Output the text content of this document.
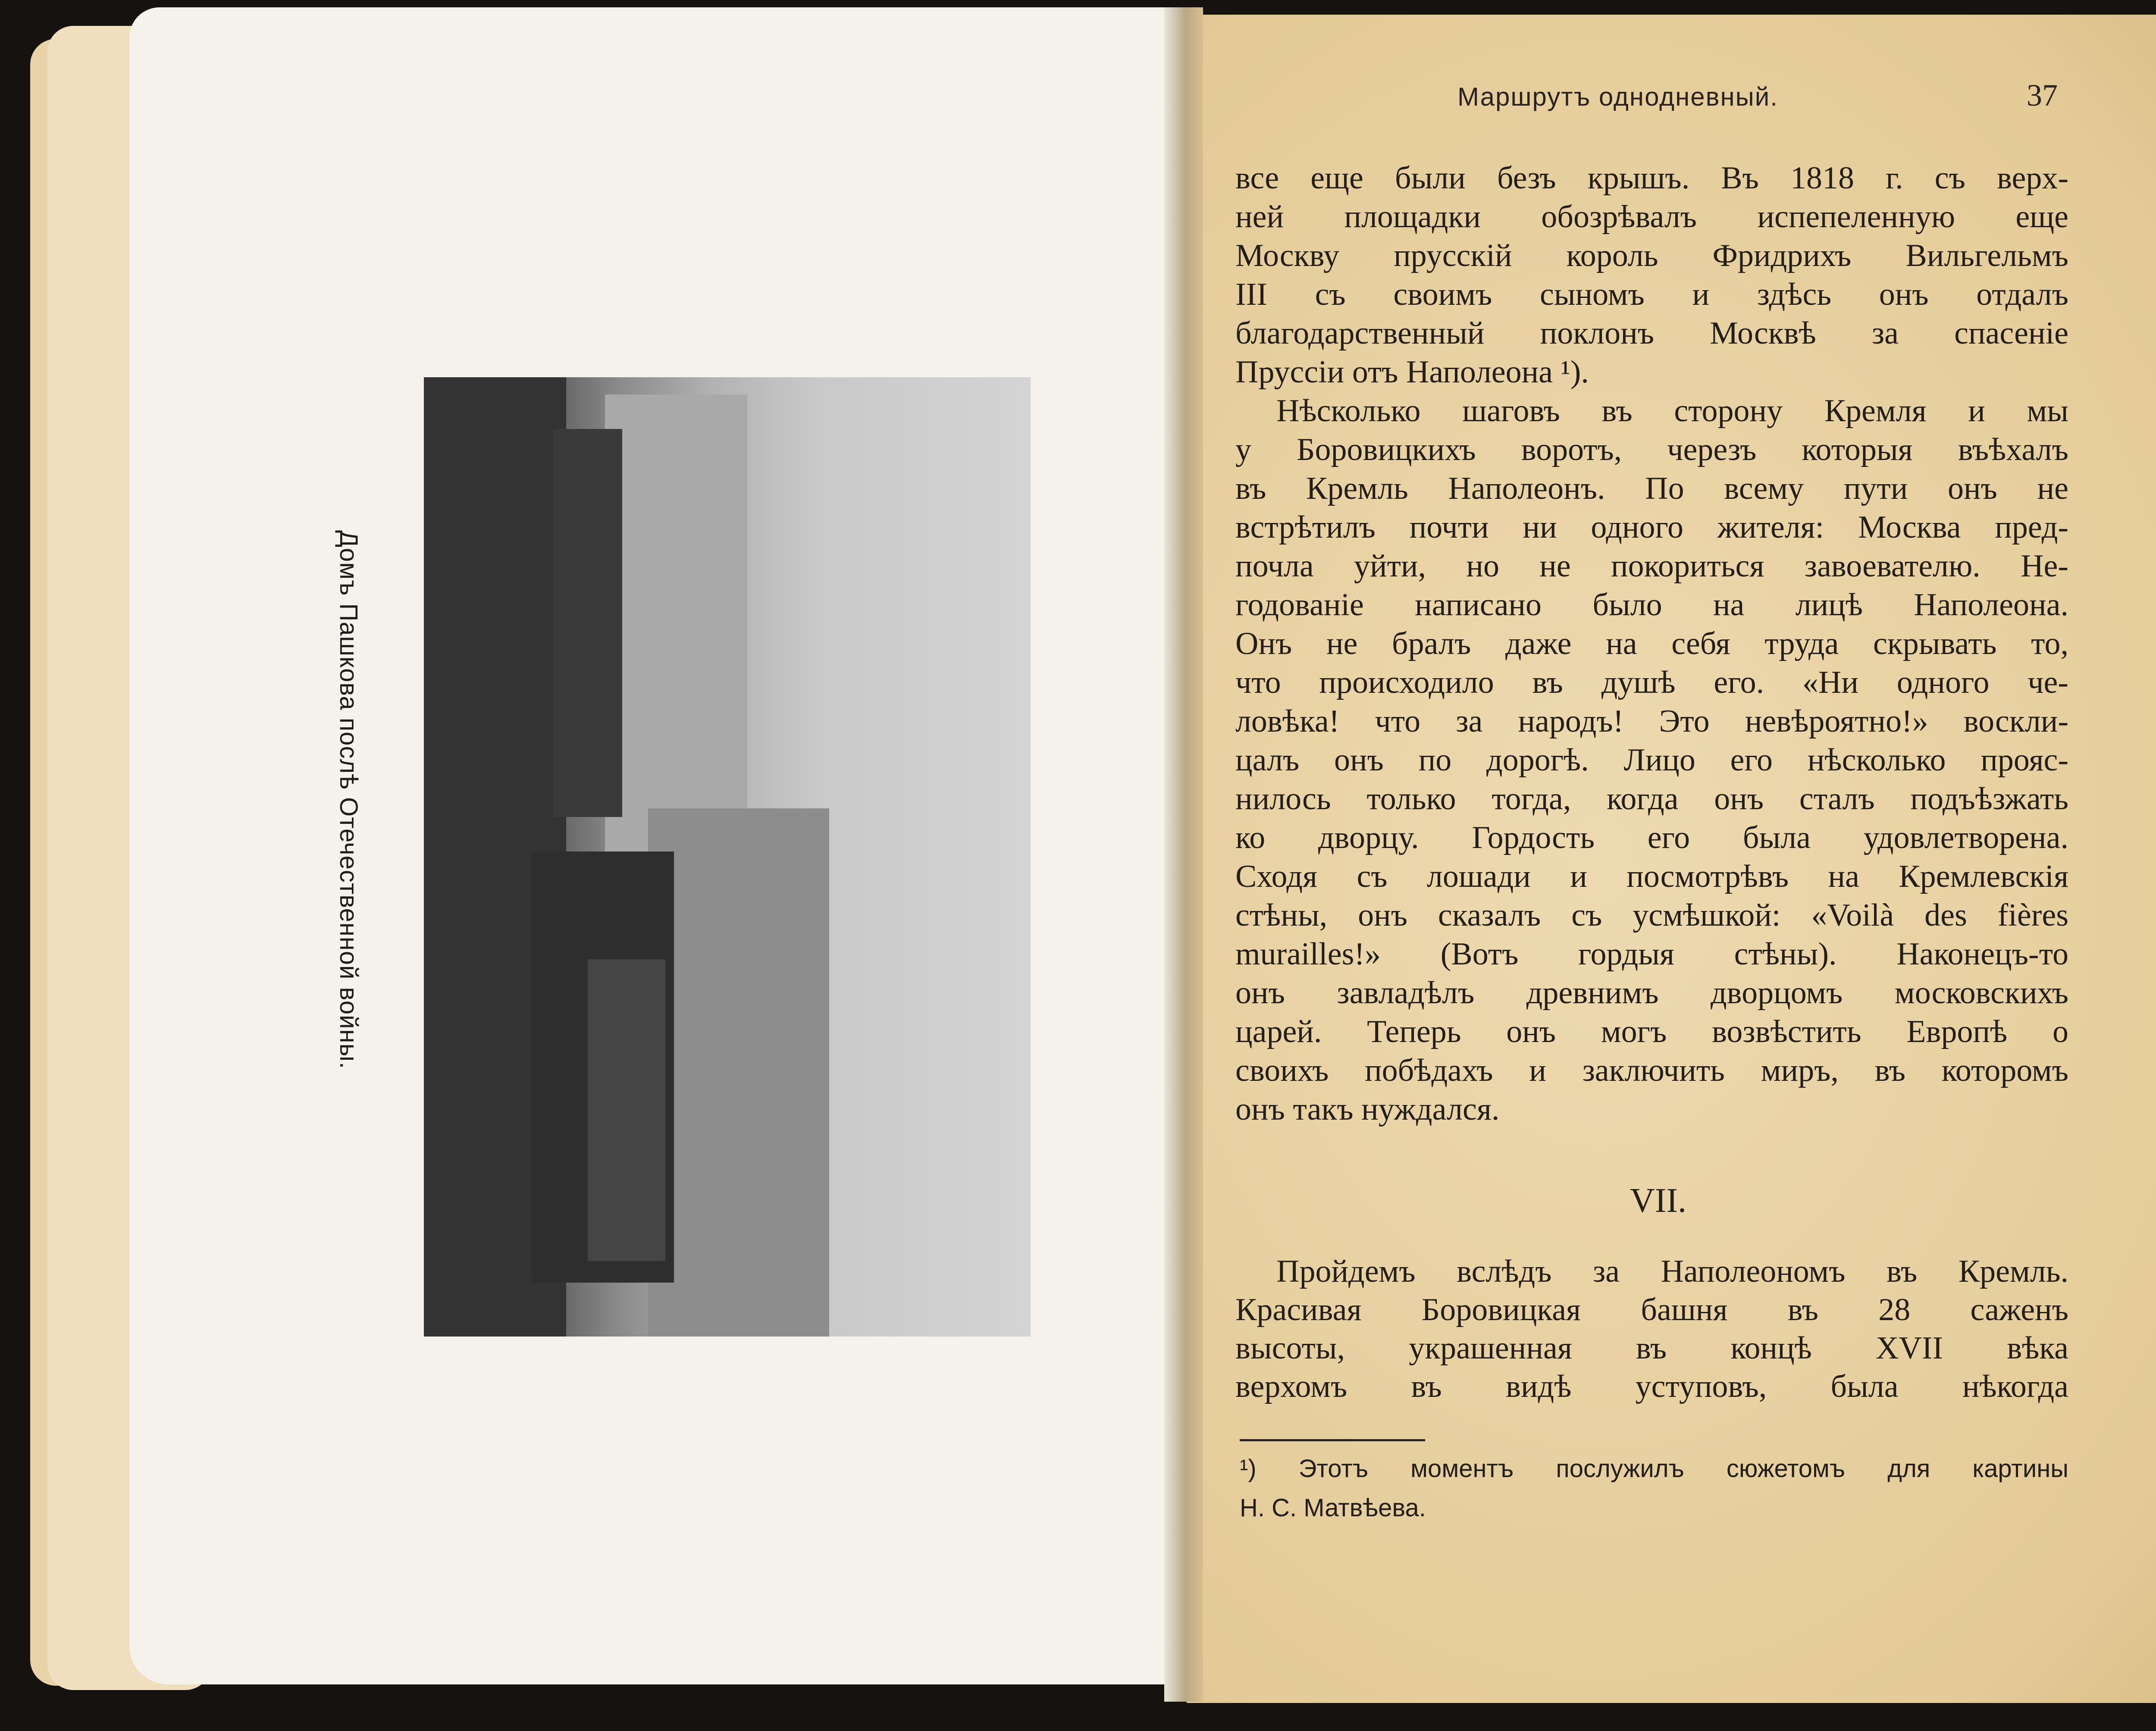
Домъ Пашкова послѣ Отечественной войны.
Маршрутъ однодневный.	37
все еще были безъ крышъ. Въ 1818 г. съ верх-
ней площадки обозрѣвалъ испепеленную еще
Москву прусскій король Фридрихъ Вильгельмъ
III съ своимъ сыномъ и здѣсь онъ отдалъ
благодарственный поклонъ Москвѣ за спасеніе
Пруссіи отъ Наполеона ¹).
Нѣсколько шаговъ въ сторону Кремля и мы
у Боровицкихъ воротъ, черезъ которыя въѣхалъ
въ Кремль Наполеонъ. По всему пути онъ не
встрѣтилъ почти ни одного жителя: Москва пред-
почла уйти, но не покориться завоевателю. Не-
годованіе написано было на лицѣ Наполеона.
Онъ не бралъ даже на себя труда скрывать то,
что происходило въ душѣ его. «Ни одного че-
ловѣка! что за народъ! Это невѣроятно!» воскли-
цалъ онъ по дорогѣ. Лицо его нѣсколько прояс-
нилось только тогда, когда онъ сталъ подъѣзжать
ко дворцу. Гордость его была удовлетворена.
Сходя съ лошади и посмотрѣвъ на Кремлевскія
стѣны, онъ сказалъ съ усмѣшкой: «Voilà des fières
murailles!» (Вотъ гордыя стѣны). Наконецъ-то
онъ завладѣлъ древнимъ дворцомъ московскихъ
царей. Теперь онъ могъ возвѣстить Европѣ о
своихъ побѣдахъ и заключить миръ, въ которомъ
онъ такъ нуждался.
Пройдемъ вслѣдъ за Наполеономъ въ Кремль.
Красивая Боровицкая башня въ 28 саженъ
высоты, украшенная въ концѣ XVII вѣка
верхомъ въ видѣ уступовъ, была нѣкогда
¹) Этотъ моментъ послужилъ сюжетомъ для картины
Н. С. Матвѣева.
VII.
